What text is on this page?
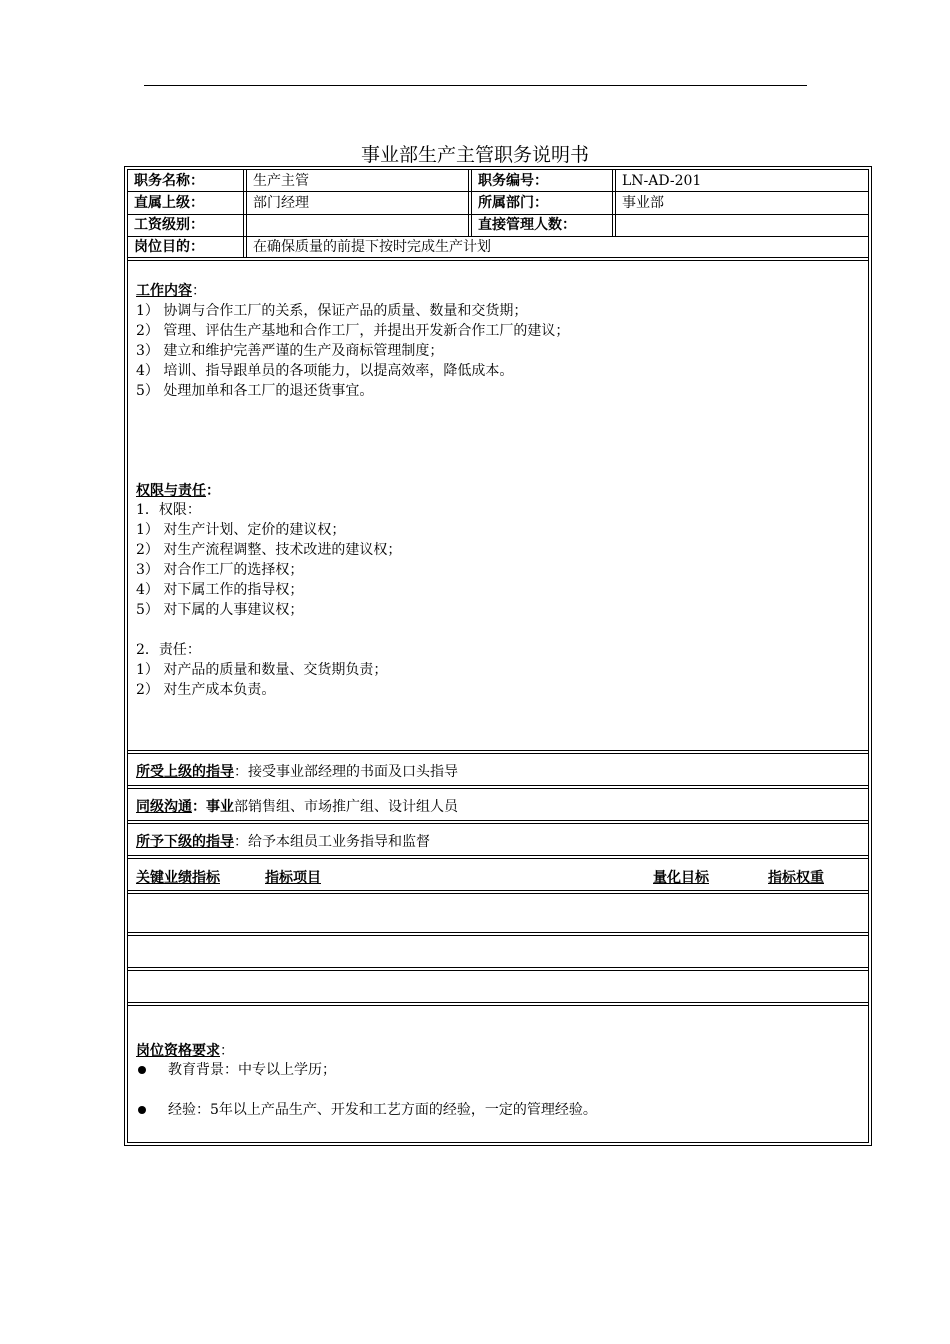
事业部生产主管职务说明书
职务名称：	生产主管	职务编号：	LN-AD-201
直属上级：	部门经理	所属部门：	事业部
工资级别：	直接管理人数：
岗位目的：	在确保质量的前提下按时完成生产计划
工作内容：
1） 协调与合作工厂的关系，保证产品的质量、数量和交货期；
2） 管理、评估生产基地和合作工厂，并提出开发新合作工厂的建议；
3） 建立和维护完善严谨的生产及商标管理制度；
4） 培训、指导跟单员的各项能力，以提高效率，降低成本。
5） 处理加单和各工厂的退还货事宜。
权限与责任：
1．权限：
1） 对生产计划、定价的建议权；
2） 对生产流程调整、技术改进的建议权；
3） 对合作工厂的选择权；
4） 对下属工作的指导权；
5） 对下属的人事建议权；
2．责任：
1） 对产品的质量和数量、交货期负责；
2） 对生产成本负责。
所受上级的指导：接受事业部经理的书面及口头指导
同级沟通：事业部销售组、市场推广组、设计组人员
所予下级的指导：给予本组员工业务指导和监督
关键业绩指标	指标项目	量化目标	指标权重
岗位资格要求：
教育背景：中专以上学历；
经验：5年以上产品生产、开发和工艺方面的经验，一定的管理经验。
